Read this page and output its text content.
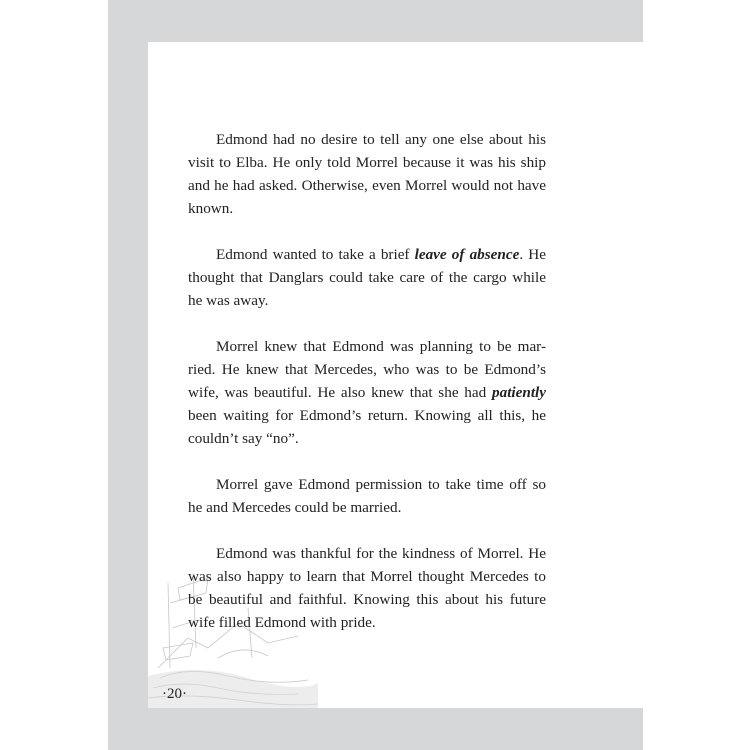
Edmond had no desire to tell any one else about his visit to Elba. He only told Morrel because it was his ship and he had asked. Otherwise, even Morrel would not have known.

Edmond wanted to take a brief leave of absence. He thought that Danglars could take care of the cargo while he was away.

Morrel knew that Edmond was planning to be mar-ried. He knew that Mercedes, who was to be Edmond’s wife, was beautiful. He also knew that she had patiently been waiting for Edmond’s return. Knowing all this, he couldn’t say “no”.

Morrel gave Edmond permission to take time off so he and Mercedes could be married.

Edmond was thankful for the kindness of Morrel. He was also happy to learn that Morrel thought Mercedes to be beautiful and faithful. Knowing this about his future wife filled Edmond with pride.

·20·
